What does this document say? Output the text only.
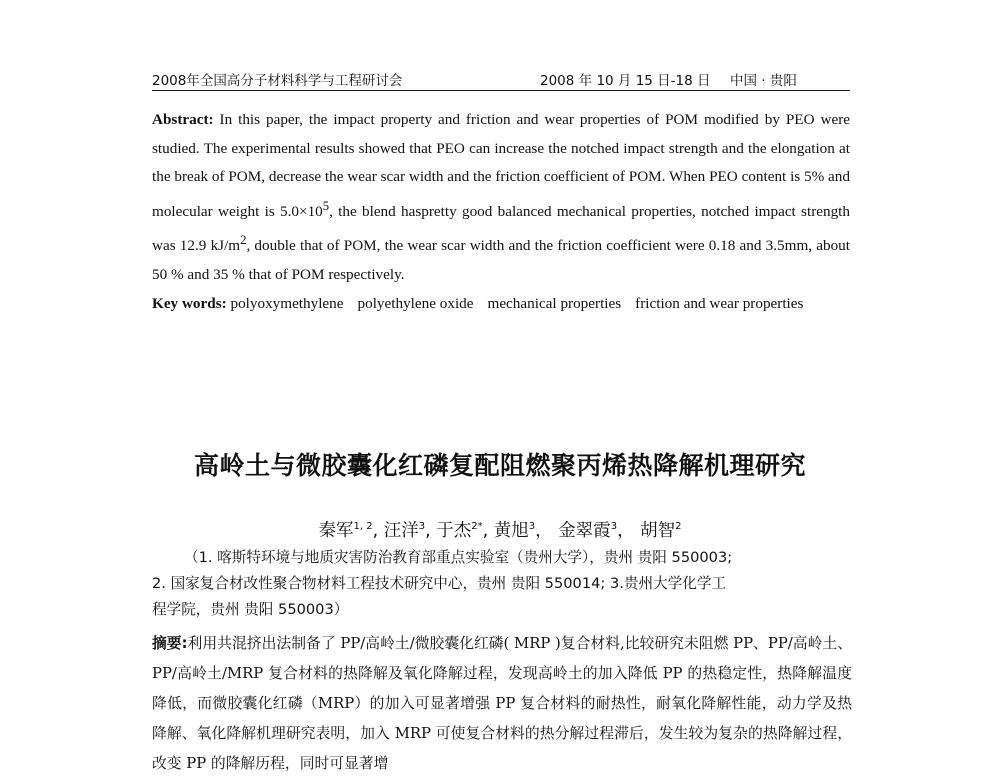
2008年全国高分子材料科学与工程研讨会	2008 年 10 月 15 日-18 日 中国 · 贵阳

Abstract: In this paper, the impact property and friction and wear properties of POM modified by PEO were studied. The experimental results showed that PEO can increase the notched impact strength and the elongation at the break of POM, decrease the wear scar width and the friction coefficient of POM. When PEO content is 5% and molecular weight is $5.0\times 10^5$, the blend haspretty good balanced mechanical properties, notched impact strength was 12.9 $kJ/m^2$, double that of POM, the wear scar width and the friction coefficient were 0.18 and 3.5mm, about 50 % and 35 % that of POM respectively.

Key words: polyoxymethylene polyethylene oxide mechanical properties friction and wear properties

高岭土与微胶囊化红磷复配阻燃聚丙烯热降解机理研究
秦军$^{1, 2}$, 汪洋$^3$, 于杰$^{2*}$, 黄旭$^3$， 金翠霞$^3$， 胡智$^2$
（1. 喀斯特环境与地质灾害防治教育部重点实验室（贵州大学），贵州 贵阳 550003;
2. 国家复合材改性聚合物材料工程技术研究中心，贵州 贵阳 550014; 3.贵州大学化学工
程学院，贵州 贵阳 550003）

摘要:利用共混挤出法制备了 PP/高岭土/微胶囊化红磷( MRP )复合材料,比较研究未阻燃 PP、PP/高岭土、PP/高岭土/MRP 复合材料的热降解及氧化降解过程，发现高岭土的加入降低 PP 的热稳定性，热降解温度降低，而微胶囊化红磷（MRP）的加入可显著增强 PP 复合材料的耐热性，耐氧化降解性能，动力学及热降解、氧化降解机理研究表明，加入 MRP 可使复合材料的热分解过程滞后，发生较为复杂的热降解过程，改变 PP 的降解历程，同时可显著增
